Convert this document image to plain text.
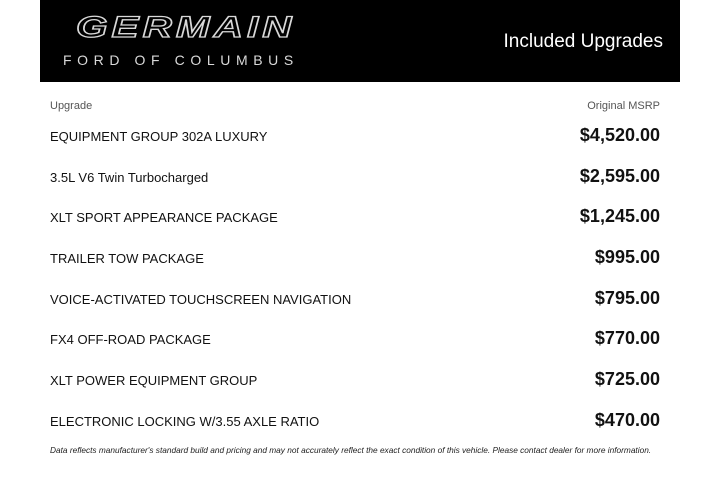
GERMAIN
FORD OF COLUMBUS
Included Upgrades
Upgrade	Original MSRP
EQUIPMENT GROUP 302A LUXURY	$4,520.00
3.5L V6 Twin Turbocharged	$2,595.00
XLT SPORT APPEARANCE PACKAGE	$1,245.00
TRAILER TOW PACKAGE	$995.00
VOICE-ACTIVATED TOUCHSCREEN NAVIGATION	$795.00
FX4 OFF-ROAD PACKAGE	$770.00
XLT POWER EQUIPMENT GROUP	$725.00
ELECTRONIC LOCKING W/3.55 AXLE RATIO	$470.00
Data reflects manufacturer's standard build and pricing and may not accurately reflect the exact condition of this vehicle. Please contact dealer for more information.
